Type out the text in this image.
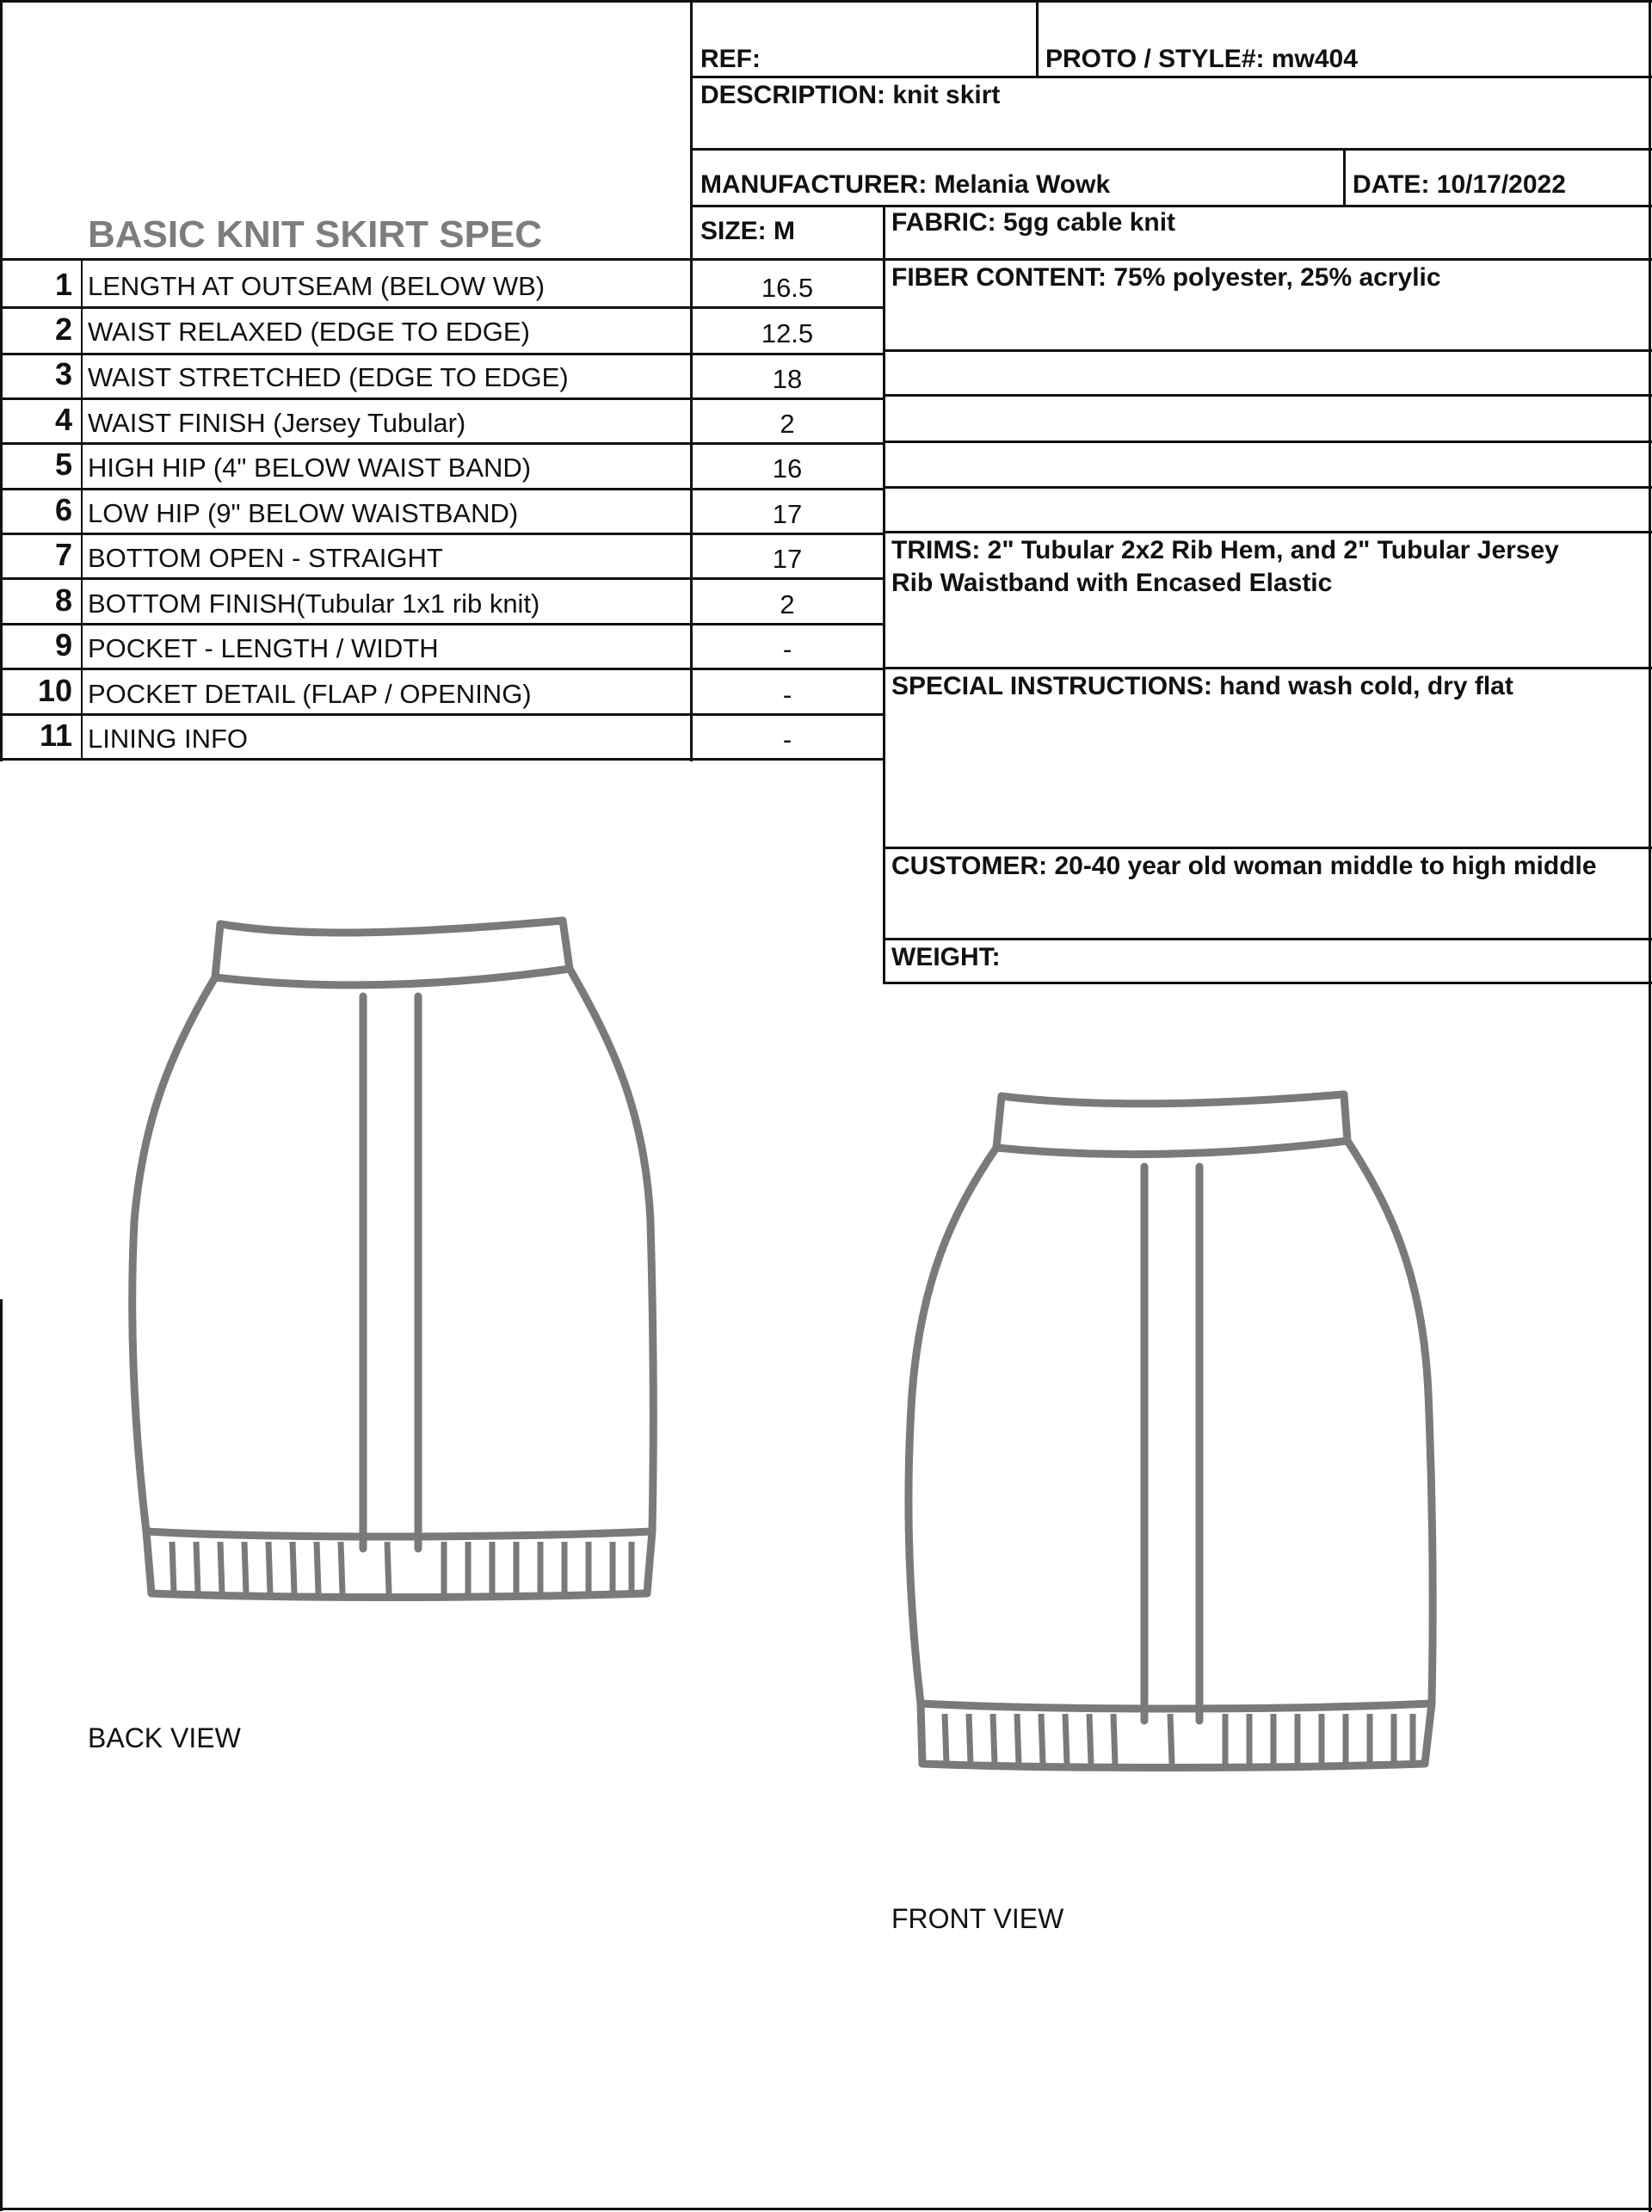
REF:	PROTO / STYLE#: mw404
DESCRIPTION: knit skirt
MANUFACTURER: Melania Wowk	DATE: 10/17/2022
BASIC KNIT SKIRT SPEC	SIZE: M
1 LENGTH AT OUTSEAM (BELOW WB)	16.5
2 WAIST RELAXED (EDGE TO EDGE)	12.5
3 WAIST STRETCHED (EDGE TO EDGE)	18
4 WAIST FINISH (Jersey Tubular)	2
5 HIGH HIP (4" BELOW WAIST BAND)	16
6 LOW HIP (9" BELOW WAISTBAND)	17
7 BOTTOM OPEN - STRAIGHT	17
8 BOTTOM FINISH(Tubular 1x1 rib knit)	2
9 POCKET - LENGTH / WIDTH	-
10 POCKET DETAIL (FLAP / OPENING)	-
11 LINING INFO	-
FABRIC: 5gg cable knit
FIBER CONTENT: 75% polyester, 25% acrylic
TRIMS: 2" Tubular 2x2 Rib Hem, and 2" Tubular Jersey
Rib Waistband with Encased Elastic
SPECIAL INSTRUCTIONS: hand wash cold, dry flat
CUSTOMER: 20-40 year old woman middle to high middle
WEIGHT:
BACK VIEW
FRONT VIEW
